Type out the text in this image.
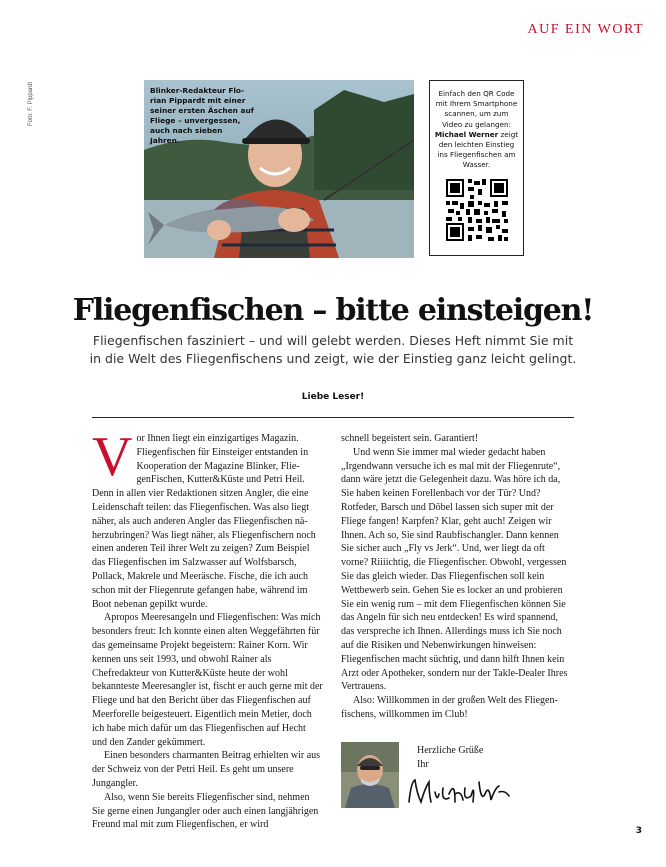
AUF EIN WORT
Foto: F. Pippardt	Blinker-Redakteur Florian Pippardt mit einer seiner ersten Äschen auf Fliege – unvergessen, auch nach sieben Jahren.
Einfach den QR Code mit Ihrem Smartphone scannen, um zum Video zu gelangen: Michael Werner zeigt den leichten Einstieg ins Fliegenfischen am Wasser.
Fliegenfischen – bitte einsteigen!
Fliegenfischen fasziniert – und will gelebt werden. Dieses Heft nimmt Sie mit in die Welt des Fliegenfischens und zeigt, wie der Einstieg ganz leicht gelingt.
Liebe Leser!

Vor Ihnen liegt ein einzigartiges Magazin. Fliegenfischen für Einsteiger entstanden in Kooperation der Magazine Blinker, FliegenFischen, Kutter&Küste und Petri Heil. Denn in allen vier Redaktionen sitzen Angler, die eine Leidenschaft teilen: das Fliegenfischen. Was also liegt näher, als auch anderen Angler das Fliegenfischen näherzubringen? Was liegt näher, als Fliegenfischern noch einen anderen Teil ihrer Welt zu zeigen? Zum Beispiel das Fliegenfischen im Salzwasser auf Wolfsbarsch, Pollack, Makrele und Meeräsche. Fische, die ich auch schon mit der Fliegenrute gefangen habe, während im Boot nebenan gepilkt wurde.

Apropos Meeresangeln und Fliegenfischen: Was mich besonders freut: Ich konnte einen alten Weggefährten für das gemeinsame Projekt begeistern: Rainer Korn. Wir kennen uns seit 1993, und obwohl Rainer als Chefredakteur von Kutter&Küste heute der wohl bekannteste Meeresangler ist, fischt er auch gerne mit der Fliege und hat den Bericht über das Fliegenfischen auf Meerforelle beigesteuert. Eigentlich mein Metier, doch ich habe mich dafür um das Fliegenfischen auf Hecht und den Zander gekümmert.

Einen besonders charmanten Beitrag erhielten wir aus der Schweiz von der Petri Heil. Es geht um unsere Jungangler.

Also, wenn Sie bereits Fliegenfischer sind, nehmen Sie gerne einen Jungangler oder auch einen langjährigen Freund mal mit zum Fliegenfischen, er wird

schnell begeistert sein. Garantiert!

Und wenn Sie immer mal wieder gedacht haben „Irgendwann versuche ich es mal mit der Fliegenrute“, dann wäre jetzt die Gelegenheit dazu. Was höre ich da, Sie haben keinen Forellenbach vor der Tür? Und? Rotfeder, Barsch und Döbel lassen sich super mit der Fliege fangen! Karpfen? Klar, geht auch! Zeigen wir Ihnen. Ach so, Sie sind Raubfischangler. Dann kennen Sie sicher auch „Fly vs Jerk“. Und, wer liegt da oft vorne? Riiiichtig, die Fliegenfischer. Obwohl, vergessen Sie das gleich wieder. Das Fliegenfischen soll kein Wettbewerb sein. Gehen Sie es locker an und probieren Sie ein wenig rum – mit dem Fliegenfischen können Sie das Angeln für sich neu entdecken! Es wird spannend, das verspreche ich Ihnen. Allerdings muss ich Sie noch auf die Risiken und Nebenwirkungen hinweisen: Fliegenfischen macht süchtig, und dann hilft Ihnen kein Arzt oder Apotheker, sondern nur der Takle-Dealer Ihres Vertrauens.

Also: Willkommen in der großen Welt des Fliegenfischens, willkommen im Club!

Herzliche Grüße
Ihr
3
